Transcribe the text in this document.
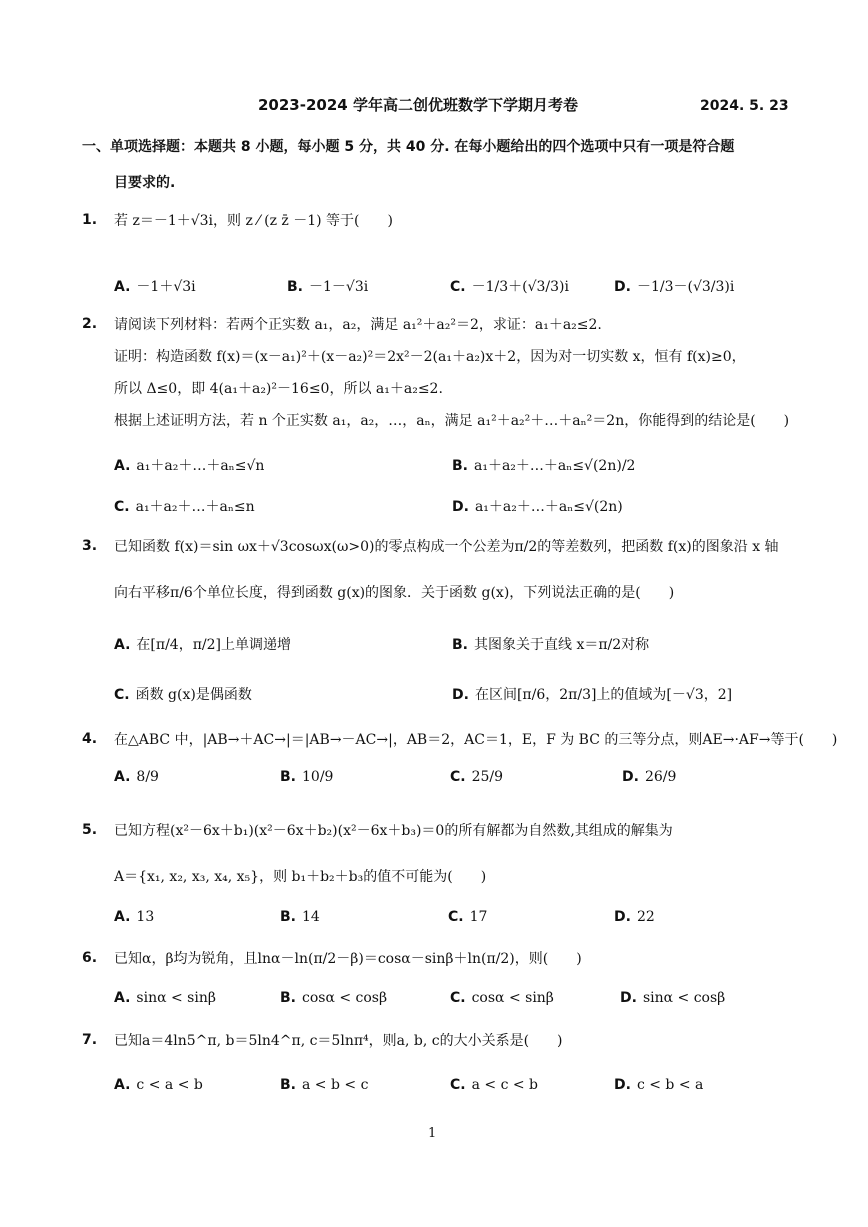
2023-2024 学年高二创优班数学下学期月考卷	2024. 5. 23
一、单项选择题：本题共 8 小题，每小题 5 分，共 40 分. 在每小题给出的四个选项中只有一项是符合题
目要求的.
1. 若 z＝－1＋√3i，则 z ⁄ (z z̄ －1) 等于(　　)
A. －1＋√3i	B. －1－√3i	C. －1/3＋(√3/3)i	D. －1/3－(√3/3)i
2. 请阅读下列材料：若两个正实数 a₁，a₂，满足 a₁²＋a₂²＝2，求证：a₁＋a₂≤2.
证明：构造函数 f(x)＝(x－a₁)²＋(x－a₂)²＝2x²－2(a₁＋a₂)x＋2，因为对一切实数 x，恒有 f(x)≥0，
所以 Δ≤0，即 4(a₁＋a₂)²－16≤0，所以 a₁＋a₂≤2.
根据上述证明方法，若 n 个正实数 a₁，a₂，…，aₙ，满足 a₁²＋a₂²＋…＋aₙ²＝2n，你能得到的结论是(　　)
A. a₁＋a₂＋…＋aₙ≤√n	B. a₁＋a₂＋…＋aₙ≤√(2n)/2
C. a₁＋a₂＋…＋aₙ≤n	D. a₁＋a₂＋…＋aₙ≤√(2n)
3. 已知函数 f(x)＝sin ωx＋√3cosωx(ω>0)的零点构成一个公差为π/2的等差数列，把函数 f(x)的图象沿 x 轴
向右平移π/6个单位长度，得到函数 g(x)的图象．关于函数 g(x)，下列说法正确的是(　　)
A. 在[π/4，π/2]上单调递增	B. 其图象关于直线 x＝π/2对称
C. 函数 g(x)是偶函数	D. 在区间[π/6，2π/3]上的值域为[－√3，2]
4. 在△ABC 中，|AB→＋AC→|＝|AB→－AC→|，AB＝2，AC＝1，E，F 为 BC 的三等分点，则AE→·AF→等于(　　)
A. 8/9	B. 10/9	C. 25/9	D. 26/9
5. 已知方程(x²－6x＋b₁)(x²－6x＋b₂)(x²－6x＋b₃)＝0的所有解都为自然数,其组成的解集为
A＝{x₁, x₂, x₃, x₄, x₅}，则 b₁＋b₂＋b₃的值不可能为(　　)
A. 13	B. 14	C. 17	D. 22
6. 已知α，β均为锐角，且lnα－ln(π/2－β)＝cosα－sinβ＋ln(π/2)，则(　　)
A. sinα < sinβ	B. cosα < cosβ	C. cosα < sinβ	D. sinα < cosβ
7. 已知a＝4ln5^π, b＝5ln4^π, c＝5lnπ⁴，则a, b, c的大小关系是(　　)
A. c < a < b	B. a < b < c	C. a < c < b	D. c < b < a
1
